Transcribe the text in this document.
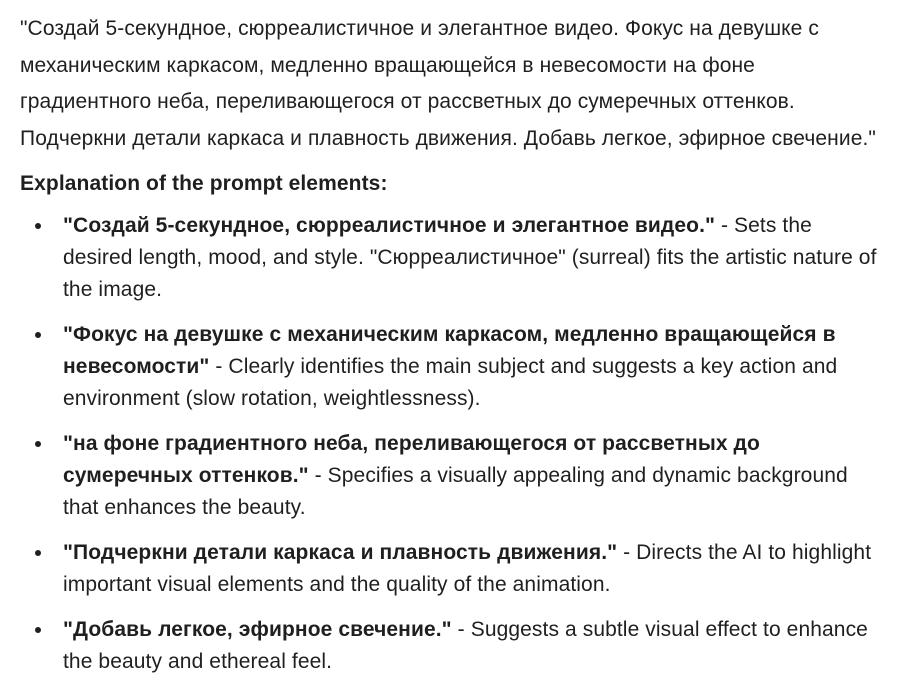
"Создай 5-секундное, сюрреалистичное и элегантное видео. Фокус на девушке с механическим каркасом, медленно вращающейся в невесомости на фоне градиентного неба, переливающегося от рассветных до сумеречных оттенков. Подчеркни детали каркаса и плавность движения. Добавь легкое, эфирное свечение."

Explanation of the prompt elements:

"Создай 5-секундное, сюрреалистичное и элегантное видео." - Sets the desired length, mood, and style. "Сюрреалистичное" (surreal) fits the artistic nature of the image.
"Фокус на девушке с механическим каркасом, медленно вращающейся в невесомости" - Clearly identifies the main subject and suggests a key action and environment (slow rotation, weightlessness).
"на фоне градиентного неба, переливающегося от рассветных до сумеречных оттенков." - Specifies a visually appealing and dynamic background that enhances the beauty.
"Подчеркни детали каркаса и плавность движения." - Directs the AI to highlight important visual elements and the quality of the animation.
"Добавь легкое, эфирное свечение." - Suggests a subtle visual effect to enhance the beauty and ethereal feel.
